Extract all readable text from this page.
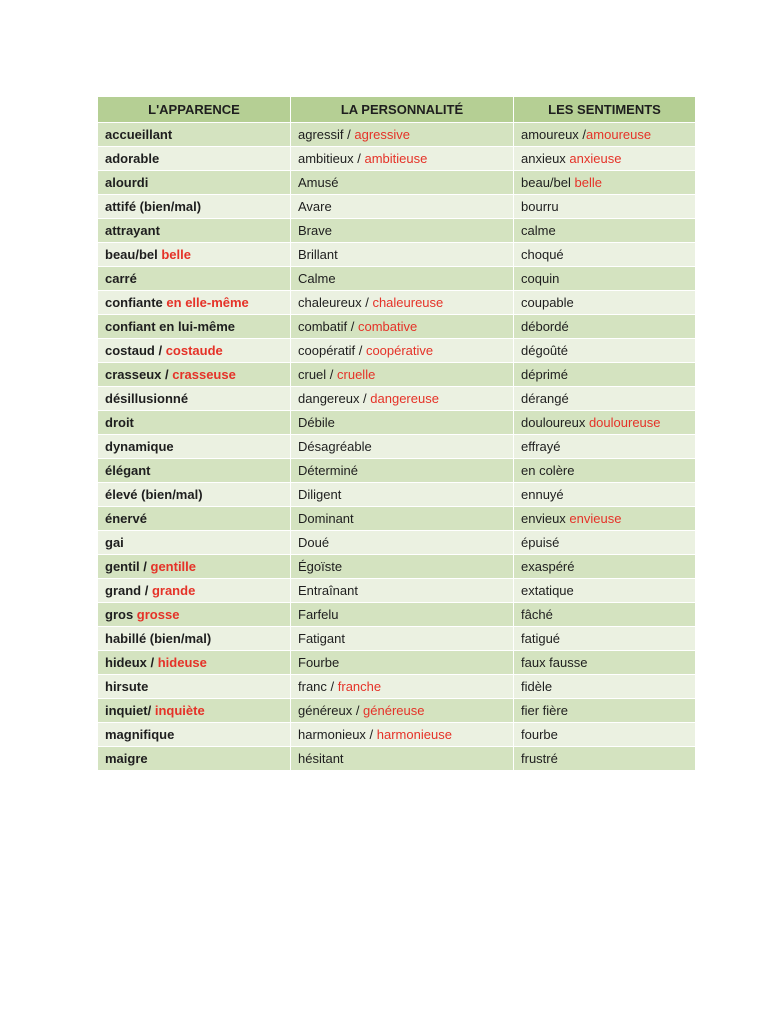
L'APPARENCE	LA PERSONNALITÉ	LES SENTIMENTS
accueillant	agressif / agressive	amoureux /amoureuse
adorable	ambitieux / ambitieuse	anxieux anxieuse
alourdi	Amusé	beau/bel belle
attifé (bien/mal)	Avare	bourru
attrayant	Brave	calme
beau/bel belle	Brillant	choqué
carré	Calme	coquin
confiante en elle-même	chaleureux / chaleureuse	coupable
confiant en lui-même	combatif / combative	débordé
costaud / costaude	coopératif / coopérative	dégoûté
crasseux / crasseuse	cruel / cruelle	déprimé
désillusionné	dangereux / dangereuse	dérangé
droit	Débile	douloureux douloureuse
dynamique	Désagréable	effrayé
élégant	Déterminé	en colère
élevé (bien/mal)	Diligent	ennuyé
énervé	Dominant	envieux envieuse
gai	Doué	épuisé
gentil / gentille	Égoïste	exaspéré
grand / grande	Entraînant	extatique
gros grosse	Farfelu	fâché
habillé (bien/mal)	Fatigant	fatigué
hideux / hideuse	Fourbe	faux fausse
hirsute	franc / franche	fidèle
inquiet/ inquiète	généreux / généreuse	fier fière
magnifique	harmonieux / harmonieuse	fourbe
maigre	hésitant	frustré
